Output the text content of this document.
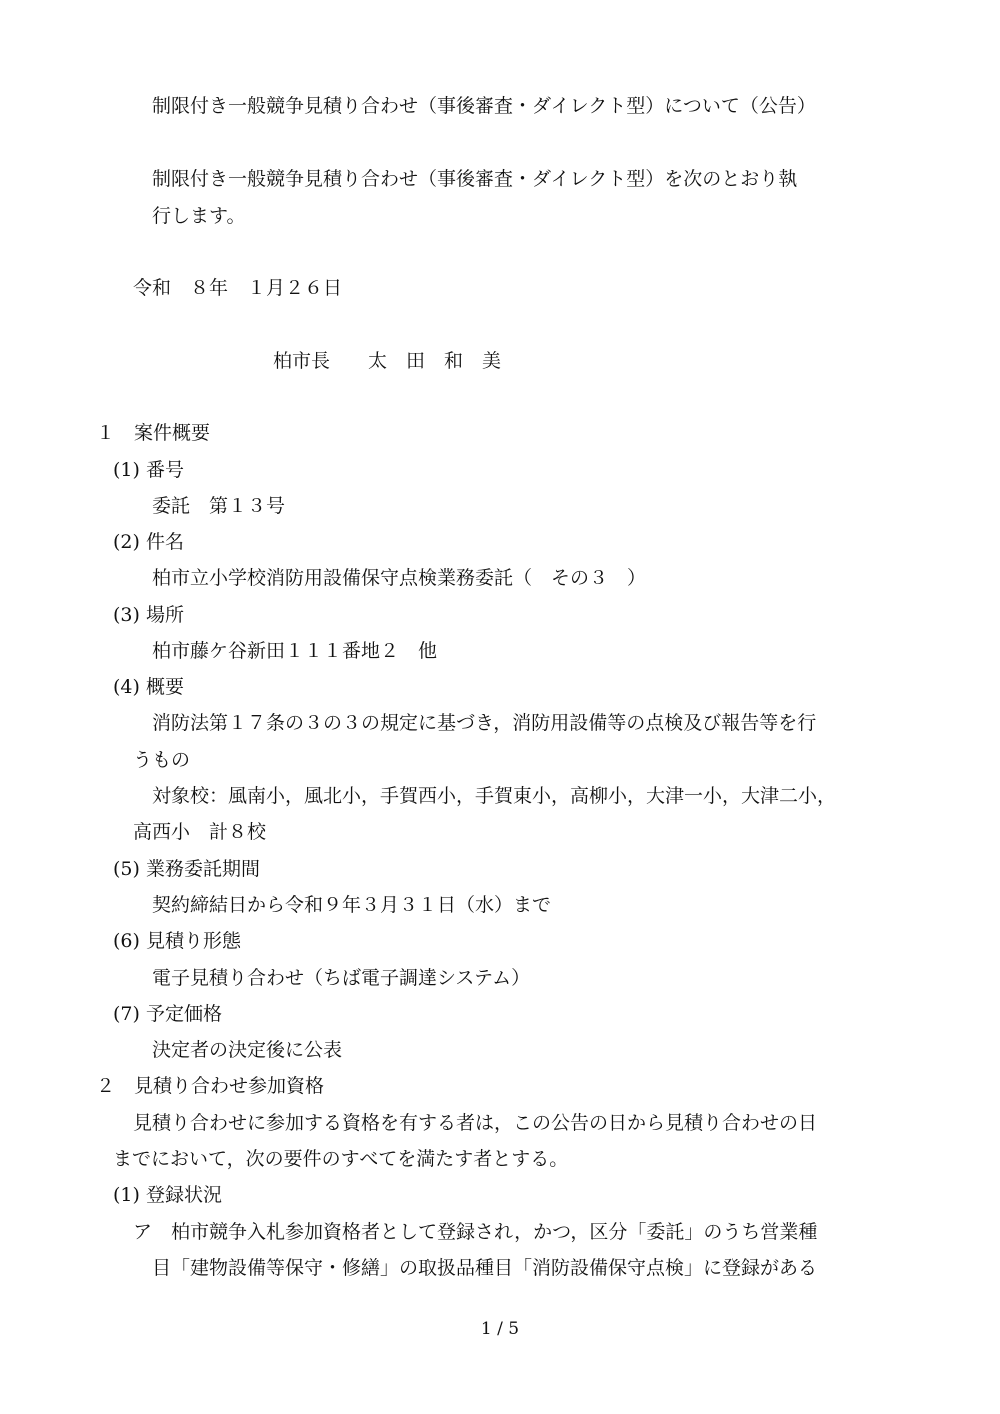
制限付き一般競争見積り合わせ（事後審査・ダイレクト型）について（公告）
制限付き一般競争見積り合わせ（事後審査・ダイレクト型）を次のとおり執
行します。
令和　８年　１月２６日
柏市長　　太　田　和　美
１　案件概要
(1) 番号
委託　第１３号
(2) 件名
柏市立小学校消防用設備保守点検業務委託（　その３　）
(3) 場所
柏市藤ケ谷新田１１１番地２　他
(4) 概要
消防法第１７条の３の３の規定に基づき，消防用設備等の点検及び報告等を行
うもの
対象校：風南小，風北小，手賀西小，手賀東小，高柳小，大津一小，大津二小，
高西小　計８校
(5) 業務委託期間
契約締結日から令和９年３月３１日（水）まで
(6) 見積り形態
電子見積り合わせ（ちば電子調達システム）
(7) 予定価格
決定者の決定後に公表
２　見積り合わせ参加資格
見積り合わせに参加する資格を有する者は，この公告の日から見積り合わせの日
までにおいて，次の要件のすべてを満たす者とする。
(1) 登録状況
ア　柏市競争入札参加資格者として登録され，かつ，区分「委託」のうち営業種
目「建物設備等保守・修繕」の取扱品種目「消防設備保守点検」に登録がある
1 / 5
